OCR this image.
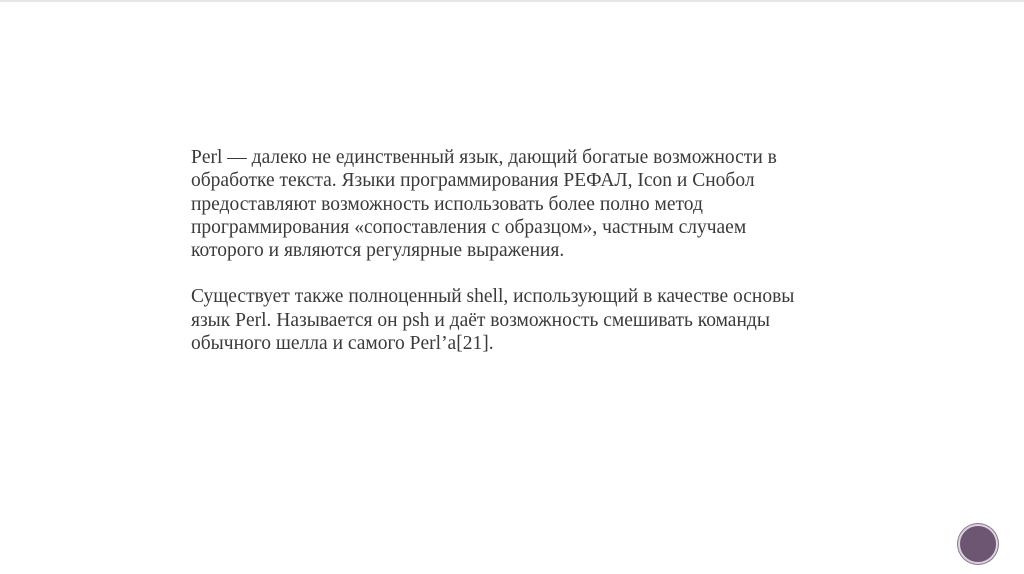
Perl — далеко не единственный язык, дающий богатые возможности в
обработке текста. Языки программирования РЕФАЛ, Icon и Снобол
предоставляют возможность использовать более полно метод
программирования «сопоставления с образцом», частным случаем
которого и являются регулярные выражения.

Существует также полноценный shell, использующий в качестве основы
язык Perl. Называется он psh и даёт возможность смешивать команды
обычного шелла и самого Perl’a[21].
